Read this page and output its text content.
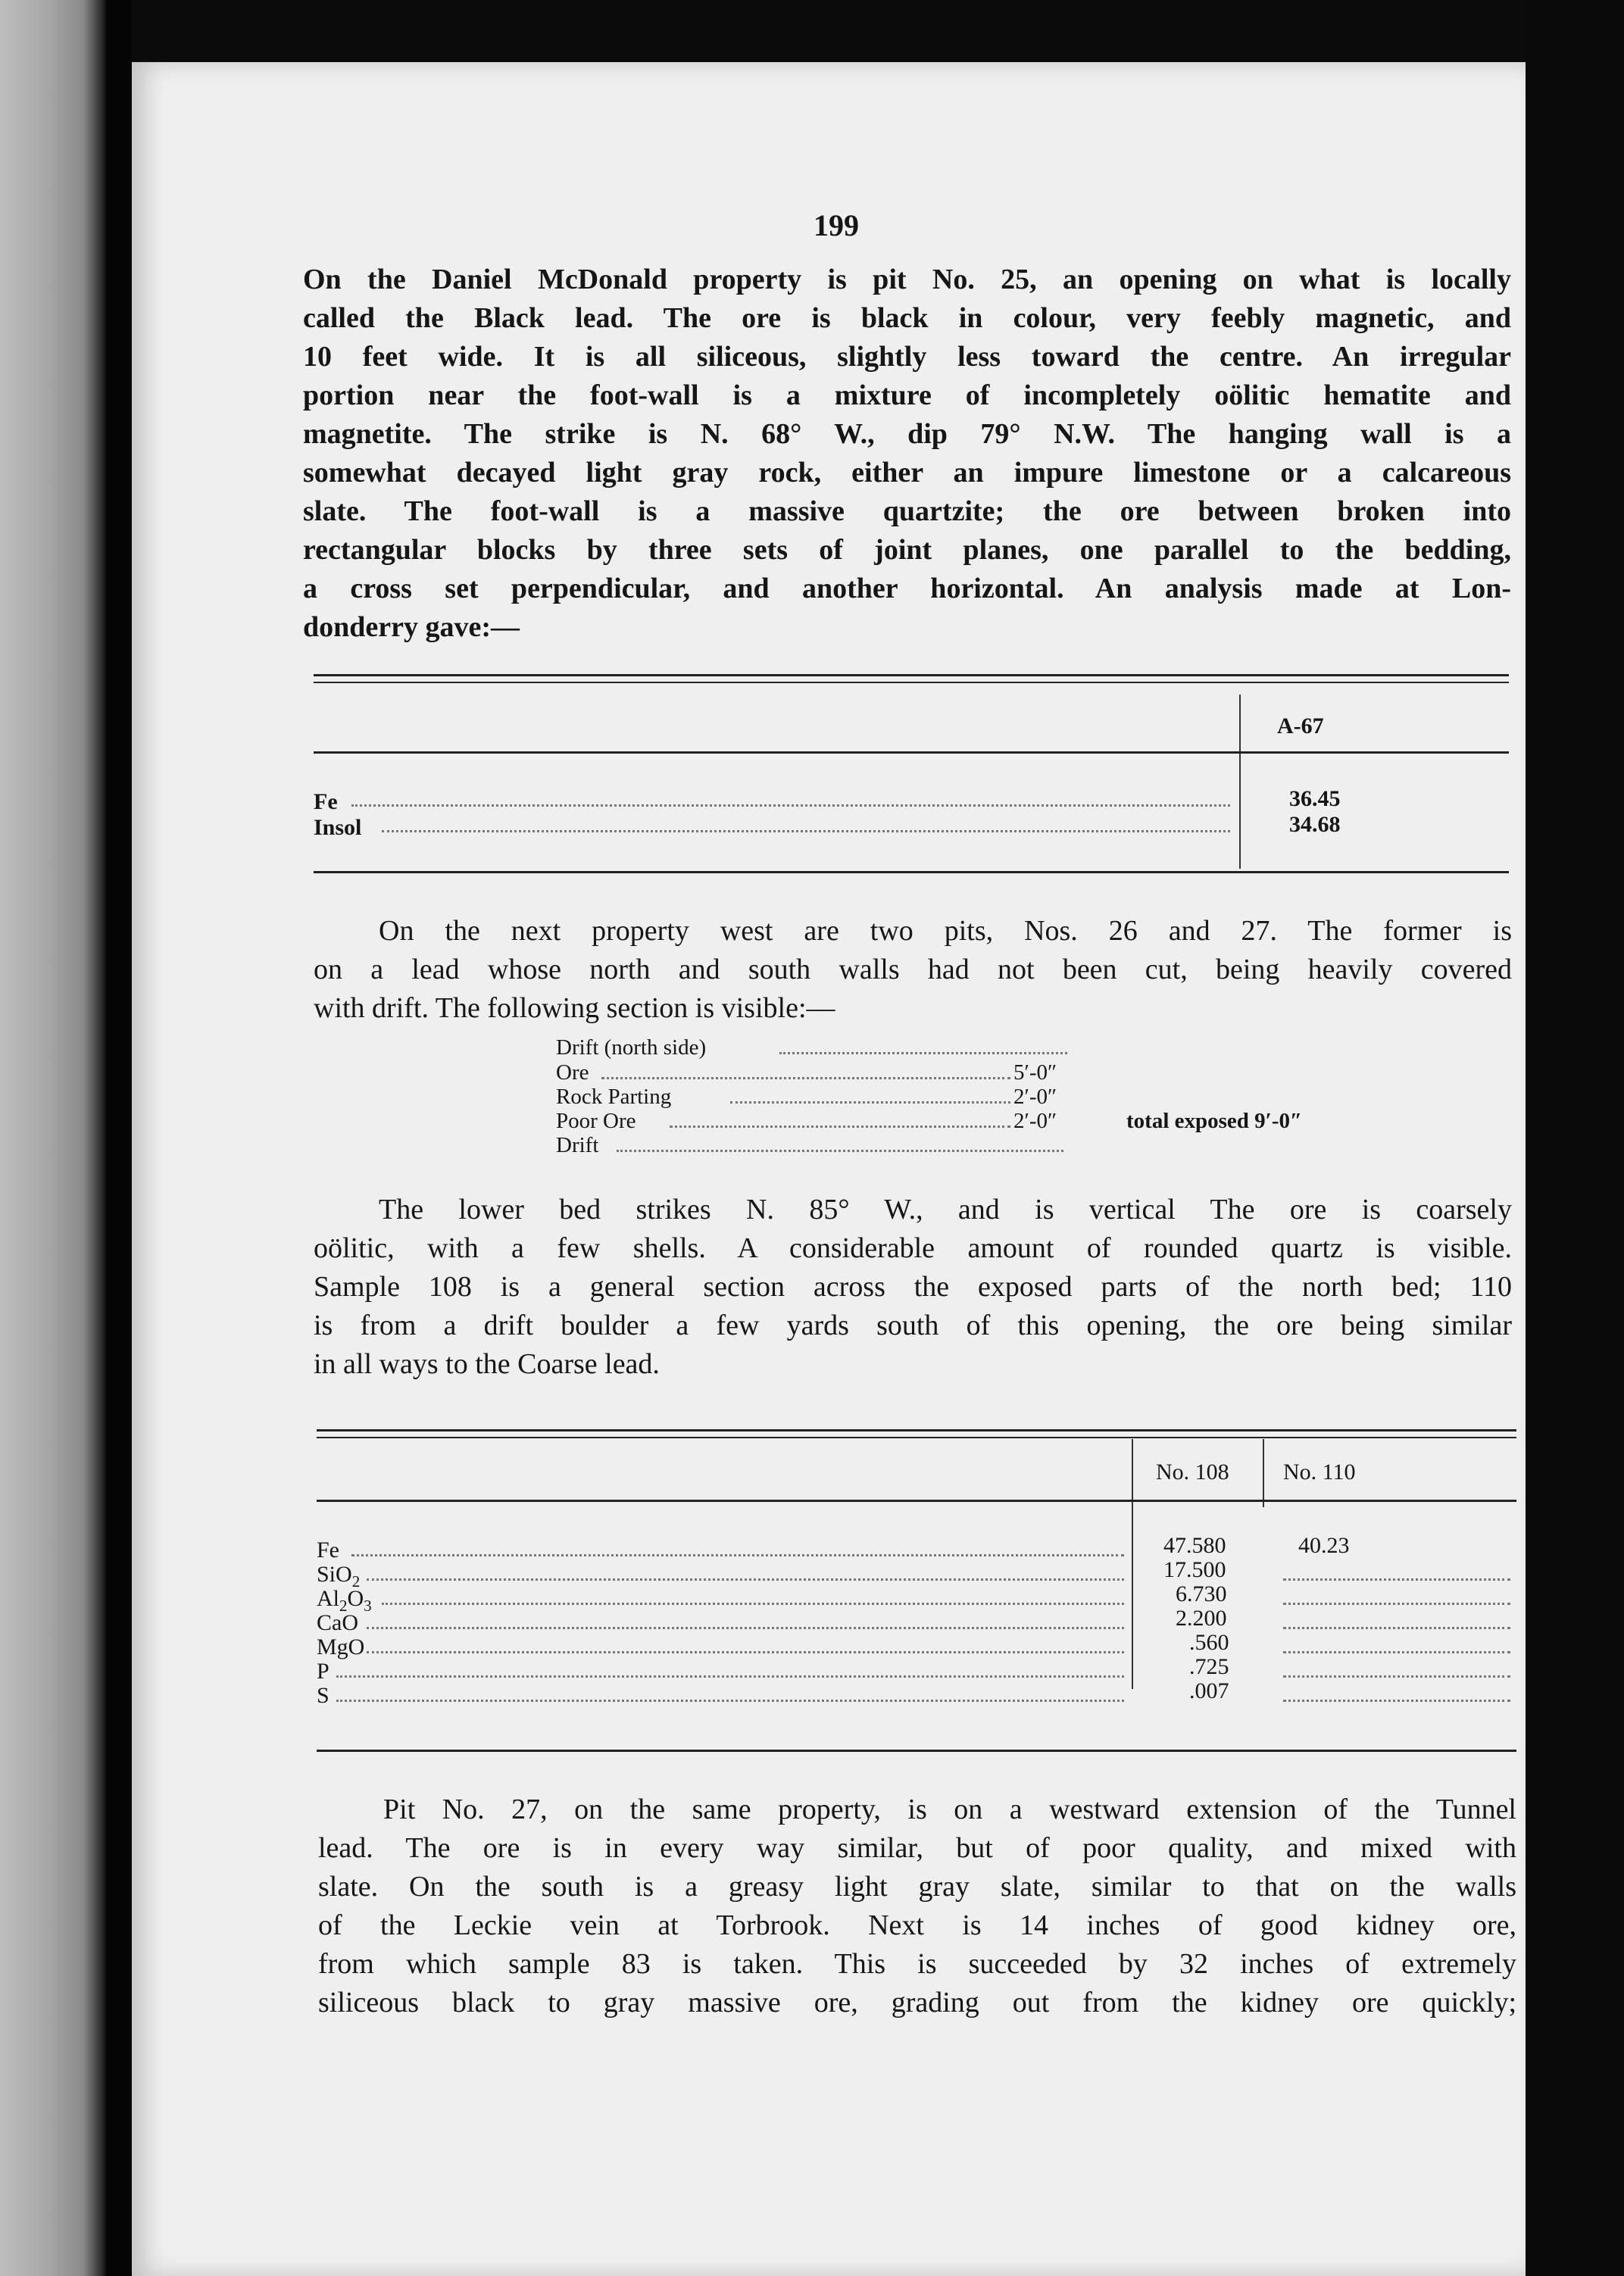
199
On the Daniel McDonald property is pit No. 25, an opening on what is locally
called the Black lead. The ore is black in colour, very feebly magnetic, and
10 feet wide. It is all siliceous, slightly less toward the centre. An irregular
portion near the foot-wall is a mixture of incompletely oölitic hematite and
magnetite. The strike is N. 68° W., dip 79° N.W. The hanging wall is a
somewhat decayed light gray rock, either an impure limestone or a calcareous
slate. The foot-wall is a massive quartzite; the ore between broken into
rectangular blocks by three sets of joint planes, one parallel to the bedding,
a cross set perpendicular, and another horizontal. An analysis made at Lon-
donderry gave:—
A-67
Fe	36.45
Insol	34.68
On the next property west are two pits, Nos. 26 and 27. The former is
on a lead whose north and south walls had not been cut, being heavily covered
with drift. The following section is visible:—
Drift (north side)
Ore	5′-0″
Rock Parting	2′-0″
Poor Ore	2′-0″	total exposed 9′-0″
Drift
The lower bed strikes N. 85° W., and is vertical The ore is coarsely
oölitic, with a few shells. A considerable amount of rounded quartz is visible.
Sample 108 is a general section across the exposed parts of the north bed; 110
is from a drift boulder a few yards south of this opening, the ore being similar
in all ways to the Coarse lead.
No. 108 No. 110
Fe	47.580	40.23
SiO$_2$	17.500
$Al_2O_3$	6.730
CaO	2.200
MgO	.560
P	.725
S	.007
Pit No. 27, on the same property, is on a westward extension of the Tunnel
lead. The ore is in every way similar, but of poor quality, and mixed with
slate. On the south is a greasy light gray slate, similar to that on the walls
of the Leckie vein at Torbrook. Next is 14 inches of good kidney ore,
from which sample 83 is taken. This is succeeded by 32 inches of extremely
siliceous black to gray massive ore, grading out from the kidney ore quickly;
